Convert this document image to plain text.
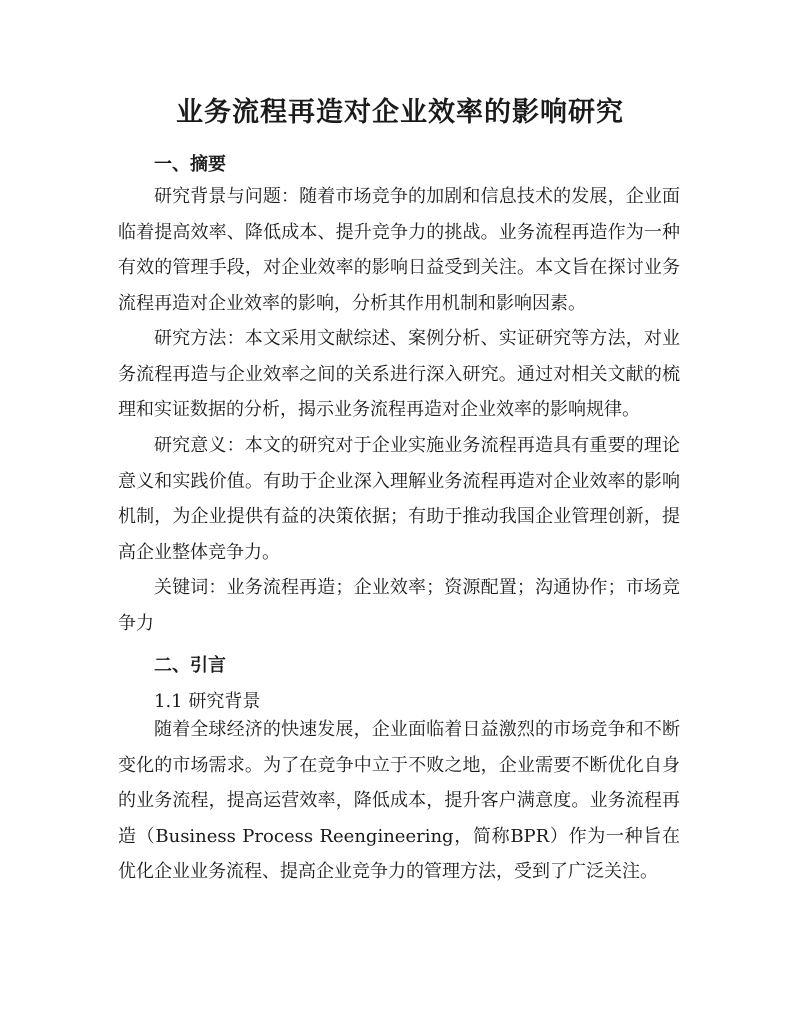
业务流程再造对企业效率的影响研究
一、摘要

研究背景与问题：随着市场竞争的加剧和信息技术的发展，企业面临着提高效率、降低成本、提升竞争力的挑战。业务流程再造作为一种有效的管理手段，对企业效率的影响日益受到关注。本文旨在探讨业务流程再造对企业效率的影响，分析其作用机制和影响因素。

研究方法：本文采用文献综述、案例分析、实证研究等方法，对业务流程再造与企业效率之间的关系进行深入研究。通过对相关文献的梳理和实证数据的分析，揭示业务流程再造对企业效率的影响规律。

研究意义：本文的研究对于企业实施业务流程再造具有重要的理论意义和实践价值。有助于企业深入理解业务流程再造对企业效率的影响机制，为企业提供有益的决策依据；有助于推动我国企业管理创新，提高企业整体竞争力。

关键词：业务流程再造；企业效率；资源配置；沟通协作；市场竞争力

二、引言

1.1 研究背景

随着全球经济的快速发展，企业面临着日益激烈的市场竞争和不断变化的市场需求。为了在竞争中立于不败之地，企业需要不断优化自身的业务流程，提高运营效率，降低成本，提升客户满意度。业务流程再造（Business Process Reengineering，简称BPR）作为一种旨在优化企业业务流程、提高企业竞争力的管理方法，受到了广泛关注。
